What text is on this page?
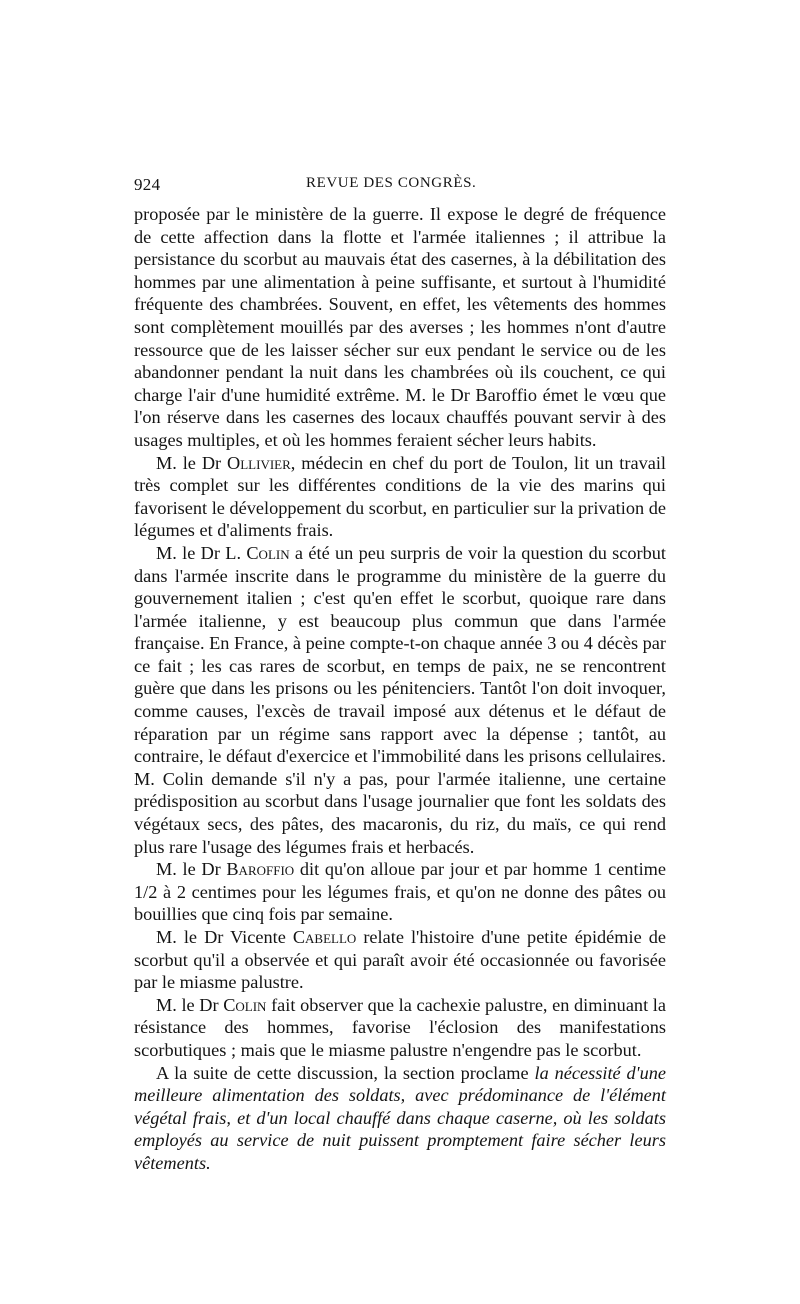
924	REVUE DES CONGRÈS.

proposée par le ministère de la guerre. Il expose le degré de fréquence de cette affection dans la flotte et l'armée italiennes ; il attribue la persistance du scorbut au mauvais état des casernes, à la débilitation des hommes par une alimentation à peine suffisante, et surtout à l'humidité fréquente des chambrées. Souvent, en effet, les vêtements des hommes sont complètement mouillés par des averses ; les hommes n'ont d'autre ressource que de les laisser sécher sur eux pendant le service ou de les abandonner pendant la nuit dans les chambrées où ils couchent, ce qui charge l'air d'une humidité extrême. M. le Dr Baroffio émet le vœu que l'on réserve dans les casernes des locaux chauffés pouvant servir à des usages multiples, et où les hommes feraient sécher leurs habits.

M. le Dr Ollivier, médecin en chef du port de Toulon, lit un travail très complet sur les différentes conditions de la vie des marins qui favorisent le développement du scorbut, en particulier sur la privation de légumes et d'aliments frais.

M. le Dr L. Colin a été un peu surpris de voir la question du scorbut dans l'armée inscrite dans le programme du ministère de la guerre du gouvernement italien ; c'est qu'en effet le scorbut, quoique rare dans l'armée italienne, y est beaucoup plus commun que dans l'armée française. En France, à peine compte-t-on chaque année 3 ou 4 décès par ce fait ; les cas rares de scorbut, en temps de paix, ne se rencontrent guère que dans les prisons ou les pénitenciers. Tantôt l'on doit invoquer, comme causes, l'excès de travail imposé aux détenus et le défaut de réparation par un régime sans rapport avec la dépense ; tantôt, au contraire, le défaut d'exercice et l'immobilité dans les prisons cellulaires. M. Colin demande s'il n'y a pas, pour l'armée italienne, une certaine prédisposition au scorbut dans l'usage journalier que font les soldats des végétaux secs, des pâtes, des macaronis, du riz, du maïs, ce qui rend plus rare l'usage des légumes frais et herbacés.

M. le Dr Baroffio dit qu'on alloue par jour et par homme 1 centime 1/2 à 2 centimes pour les légumes frais, et qu'on ne donne des pâtes ou bouillies que cinq fois par semaine.

M. le Dr Vicente Cabello relate l'histoire d'une petite épidémie de scorbut qu'il a observée et qui paraît avoir été occasionnée ou favorisée par le miasme palustre.

M. le Dr Colin fait observer que la cachexie palustre, en diminuant la résistance des hommes, favorise l'éclosion des manifestations scorbutiques ; mais que le miasme palustre n'engendre pas le scorbut.

A la suite de cette discussion, la section proclame la nécessité d'une meilleure alimentation des soldats, avec prédominance de l'élément végétal frais, et d'un local chauffé dans chaque caserne, où les soldats employés au service de nuit puissent promptement faire sécher leurs vêtements.
